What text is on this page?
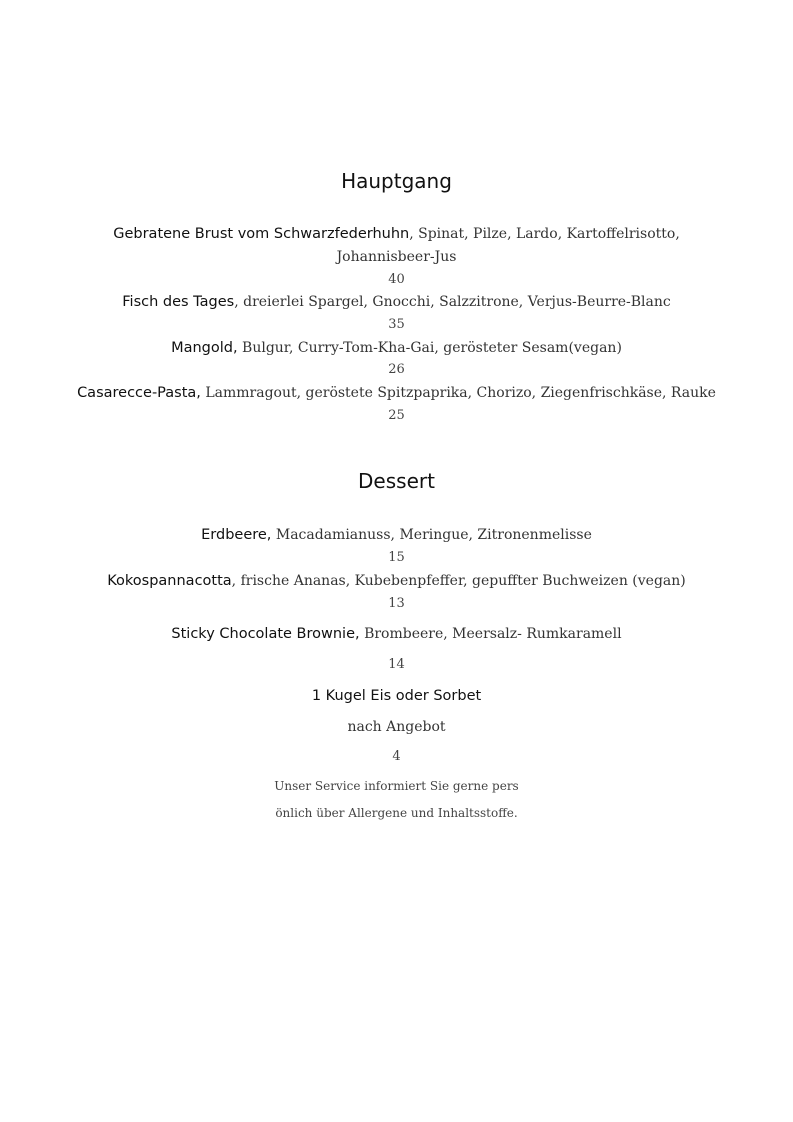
Hauptgang
Gebratene Brust vom Schwarzfederhuhn, Spinat, Pilze, Lardo, Kartoffelrisotto,
Johannisbeer-Jus
40
Fisch des Tages, dreierlei Spargel, Gnocchi, Salzzitrone, Verjus-Beurre-Blanc
35
Mangold, Bulgur, Curry-Tom-Kha-Gai, gerösteter Sesam(vegan)
26
Casarecce-Pasta, Lammragout, geröstete Spitzpaprika, Chorizo, Ziegenfrischkäse, Rauke
25
Dessert
Erdbeere, Macadamianuss, Meringue, Zitronenmelisse
15
Kokospannacotta, frische Ananas, Kubebenpfeffer, gepuffter Buchweizen (vegan)
13
Sticky Chocolate Brownie, Brombeere, Meersalz- Rumkaramell
14
1 Kugel Eis oder Sorbet
nach Angebot
4
Unser Service informiert Sie gerne pers
önlich über Allergene und Inhaltsstoffe.
